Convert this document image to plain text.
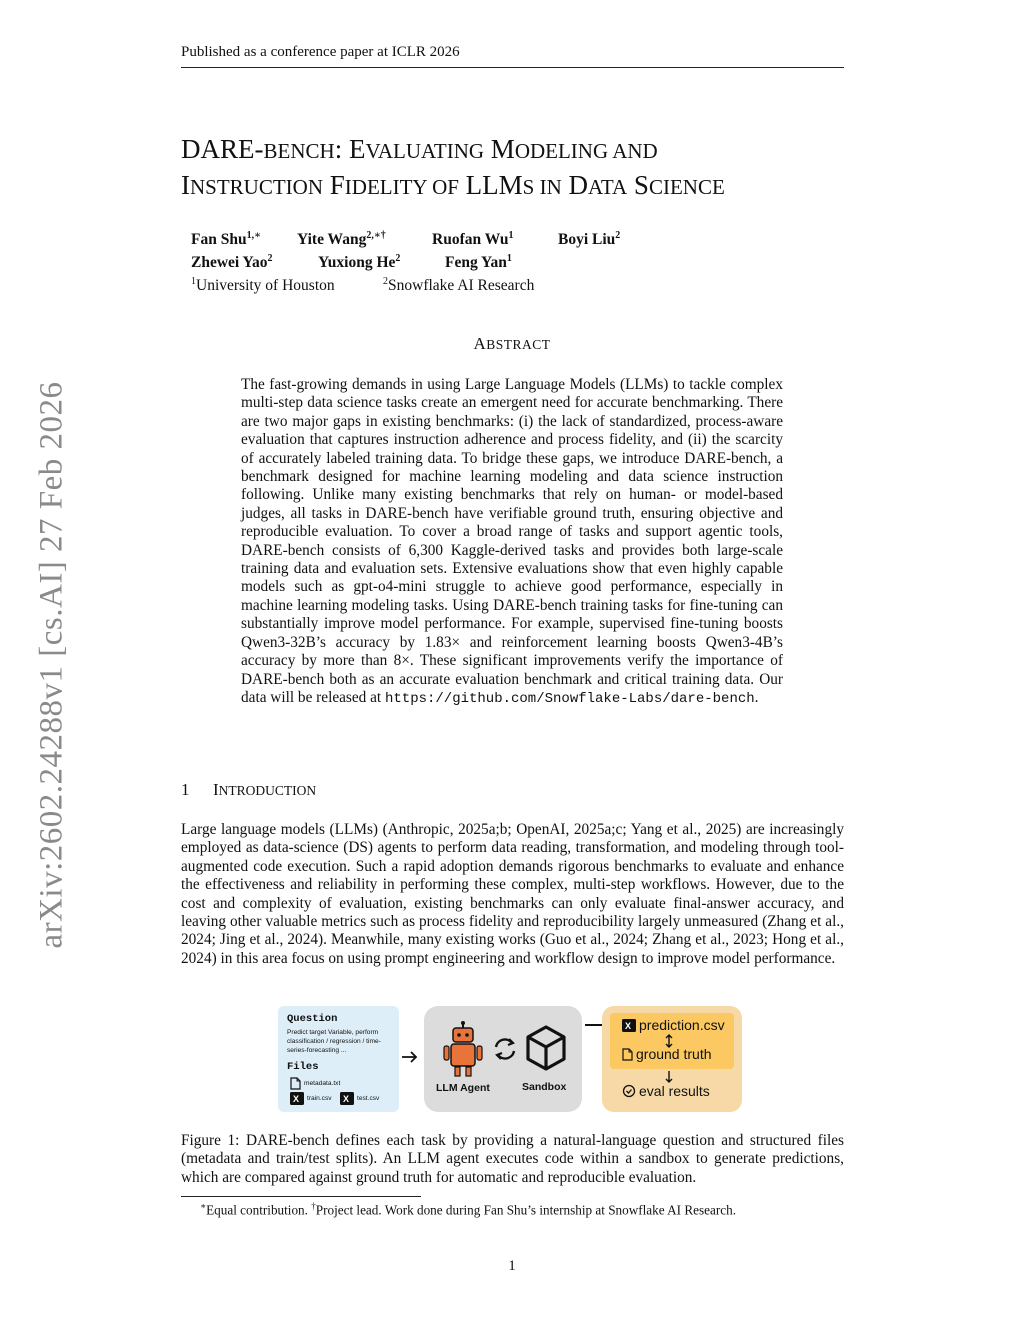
Published as a conference paper at ICLR 2026
arXiv:2602.24288v1 [cs.AI] 27 Feb 2026
DARE-BENCH: EVALUATING MODELING AND
INSTRUCTION FIDELITY OF LLMS IN DATA SCIENCE
Fan Shu$^{1,∗}$ Yite Wang$^{2,∗\dagger}$	Ruofan Wu$^1$	Boyi Liu$^2$
Zhewei Yao$^2$	Yuxiong He$^2$	Feng Yan$^1$
$^1$University of Houston	$^2$Snowflake AI Research
ABSTRACT
The fast-growing demands in using Large Language Models (LLMs) to tackle complex multi-step data science tasks create an emergent need for accurate benchmarking. There are two major gaps in existing benchmarks: (i) the lack of standardized, process-aware evaluation that captures instruction adherence and process fidelity, and (ii) the scarcity of accurately labeled training data. To bridge these gaps, we introduce DARE-bench, a benchmark designed for machine learning modeling and data science instruction following. Unlike many existing benchmarks that rely on human- or model-based judges, all tasks in DARE-bench have verifiable ground truth, ensuring objective and reproducible evaluation. To cover a broad range of tasks and support agentic tools, DARE-bench consists of 6,300 Kaggle-derived tasks and provides both large-scale training data and evaluation sets. Extensive evaluations show that even highly capable models such as gpt-o4-mini struggle to achieve good performance, especially in machine learning modeling tasks. Using DARE-bench training tasks for fine-tuning can substantially improve model performance. For example, supervised fine-tuning boosts Qwen3-32B’s accuracy by 1.83× and reinforcement learning boosts Qwen3-4B’s accuracy by more than 8×. These significant improvements verify the importance of DARE-bench both as an accurate evaluation benchmark and critical training data. Our data will be released at https://github.com/Snowflake-Labs/dare-bench.
1 INTRODUCTION
Large language models (LLMs) (Anthropic, 2025a;b; OpenAI, 2025a;c; Yang et al., 2025) are increasingly employed as data-science (DS) agents to perform data reading, transformation, and modeling through tool-augmented code execution. Such a rapid adoption demands rigorous benchmarks to evaluate and enhance the effectiveness and reliability in performing these complex, multi-step workflows. However, due to the cost and complexity of evaluation, existing benchmarks can only evaluate final-answer accuracy, and leaving other valuable metrics such as process fidelity and reproducibility largely unmeasured (Zhang et al., 2024; Jing et al., 2024). Meanwhile, many existing works (Guo et al., 2024; Zhang et al., 2023; Hong et al., 2024) in this area focus on using prompt engineering and workflow design to improve model performance.
Question
Predict target Variable, perform classification / regression / time-series-forecasting ...
Files
metadata.txt
X train.csv X test.csv
LLM Agent	Sandbox
X prediction.csv
ground truth
eval results
Figure 1: DARE-bench defines each task by providing a natural-language question and structured files (metadata and train/test splits). An LLM agent executes code within a sandbox to generate predictions, which are compared against ground truth for automatic and reproducible evaluation.
∗Equal contribution. †Project lead. Work done during Fan Shu’s internship at Snowflake AI Research.
1
